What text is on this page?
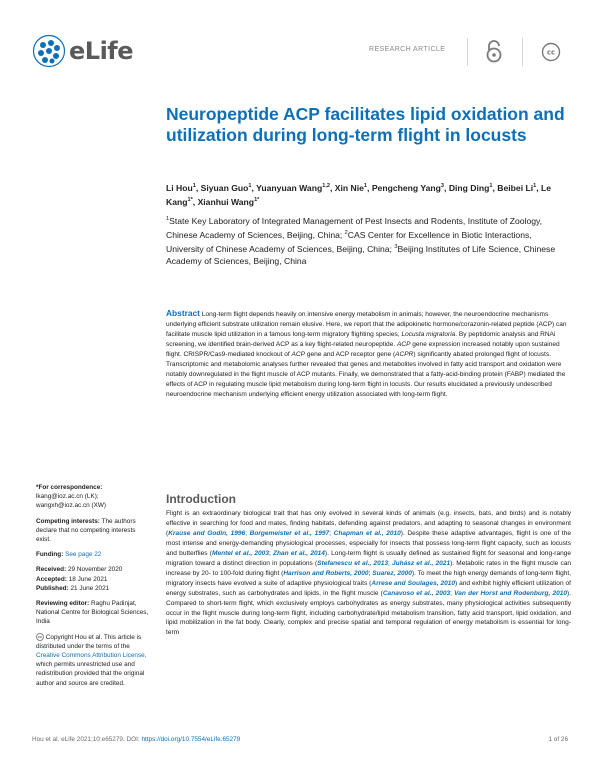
eLife	RESEARCH ARTICLE	cc
Neuropeptide ACP facilitates lipid oxidation and utilization during long-term flight in locusts
Li Hou$^1$, Siyuan Guo$^1$, Yuanyuan Wang$^{1,2}$, Xin Nie$^1$, Pengcheng Yang$^3$, Ding Ding$^1$, Beibei Li$^1$, Le Kang$^{1*}$, Xianhui Wang$^{1*}$
$^1$State Key Laboratory of Integrated Management of Pest Insects and Rodents, Institute of Zoology, Chinese Academy of Sciences, Beijing, China; $^2$CAS Center for Excellence in Biotic Interactions, University of Chinese Academy of Sciences, Beijing, China; $^3$Beijing Institutes of Life Science, Chinese Academy of Sciences, Beijing, China
Abstract Long-term flight depends heavily on intensive energy metabolism in animals; however, the neuroendocrine mechanisms underlying efficient substrate utilization remain elusive. Here, we report that the adipokinetic hormone/corazonin-related peptide (ACP) can facilitate muscle lipid utilization in a famous long-term migratory flighting species, Locusta migratoria. By peptidomic analysis and RNAi screening, we identified brain-derived ACP as a key flight-related neuropeptide. ACP gene expression increased notably upon sustained flight. CRISPR/Cas9-mediated knockout of ACP gene and ACP receptor gene (ACPR) significantly abated prolonged flight of locusts. Transcriptomic and metabolomic analyses further revealed that genes and metabolites involved in fatty acid transport and oxidation were notably downregulated in the flight muscle of ACP mutants. Finally, we demonstrated that a fatty-acid-binding protein (FABP) mediated the effects of ACP in regulating muscle lipid metabolism during long-term flight in locusts. Our results elucidated a previously undescribed neuroendocrine mechanism underlying efficient energy utilization associated with long-term flight.
*For correspondence:
lkang@ioz.ac.cn (LK);
wangxh@ioz.ac.cn (XW)
Competing interests: The authors declare that no competing interests exist.
Funding: See page 22
Received: 29 November 2020
Accepted: 18 June 2021
Published: 21 June 2021
Reviewing editor: Raghu Padinjat, National Centre for Biological Sciences, India
cc Copyright Hou et al. This article is distributed under the terms of the Creative Commons Attribution License, which permits unrestricted use and redistribution provided that the original author and source are credited.
Introduction
Flight is an extraordinary biological trait that has only evolved in several kinds of animals (e.g. insects, bats, and birds) and is notably effective in searching for food and mates, finding habitats, defending against predators, and adapting to seasonal changes in environment (Krause and Godin, 1996; Borgemeister et al., 1997; Chapman et al., 2010). Despite these adaptive advantages, flight is one of the most intense and energy-demanding physiological processes, especially for insects that possess long-term flight capacity, such as locusts and butterflies (Mentel et al., 2003; Zhan et al., 2014). Long-term flight is usually defined as sustained flight for seasonal and long-range migration toward a distinct direction in populations (Stefanescu et al., 2013; Juhász et al., 2021). Metabolic rates in the flight muscle can increase by 20- to 100-fold during flight (Harrison and Roberts, 2000; Suarez, 2000). To meet the high energy demands of long-term flight, migratory insects have evolved a suite of adaptive physiological traits (Arrese and Soulages, 2010) and exhibit highly efficient utilization of energy substrates, such as carbohydrates and lipids, in the flight muscle (Canavoso et al., 2003; Van der Horst and Rodenburg, 2010). Compared to short-term flight, which exclusively employs carbohydrates as energy substrates, many physiological activities subsequently occur in the flight muscle during long-term flight, including carbohydrate/lipid metabolism transition, fatty acid transport, lipid oxidation, and lipid mobilization in the fat body. Clearly, complex and precise spatial and temporal regulation of energy metabolism is essential for long-term
Hou et al. eLife 2021;10:e65279. DOI: https://doi.org/10.7554/eLife.65279	1 of 26
